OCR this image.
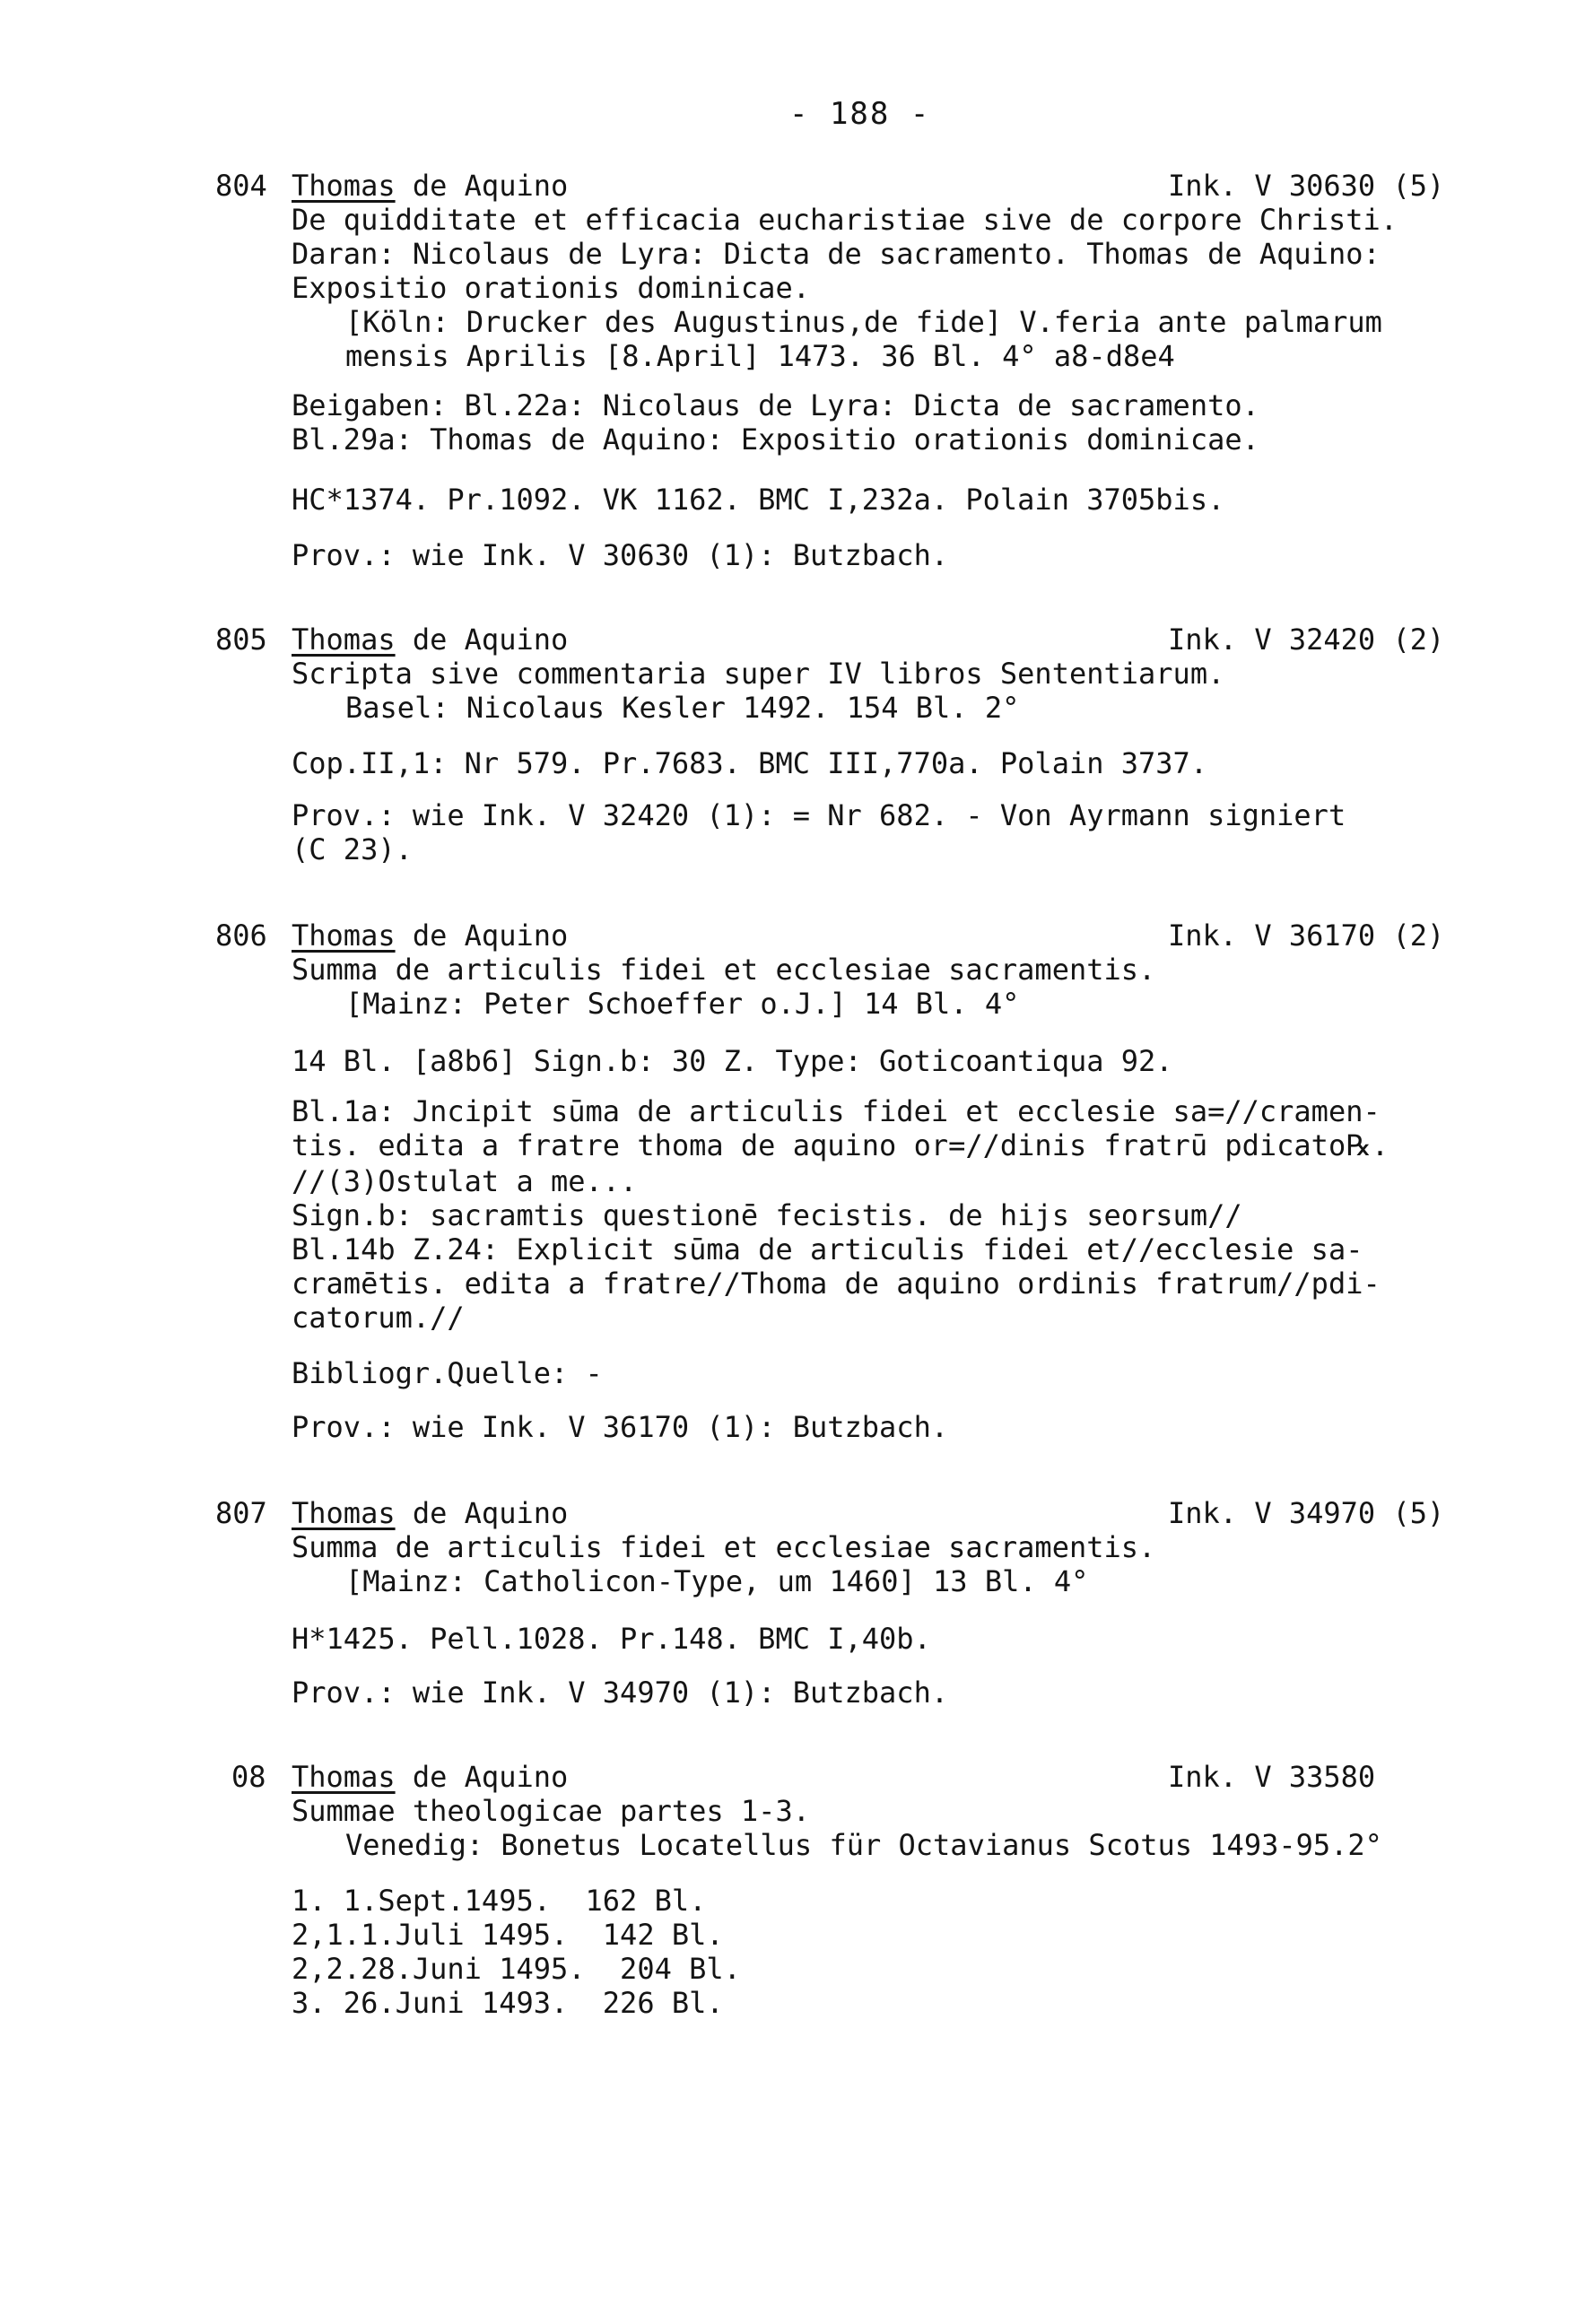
- 188 -
804 Thomas de Aquino	Ink. V 30630 (5)
De quidditate et efficacia eucharistiae sive de corpore Christi.
Daran: Nicolaus de Lyra: Dicta de sacramento. Thomas de Aquino:
Expositio orationis dominicae.
[Köln: Drucker des Augustinus,de fide] V.feria ante palmarum
mensis Aprilis [8.April] 1473. 36 Bl. 4° a8-d8e4
Beigaben: Bl.22a: Nicolaus de Lyra: Dicta de sacramento.
Bl.29a: Thomas de Aquino: Expositio orationis dominicae.
HC*1374. Pr.1092. VK 1162. BMC I,232a. Polain 3705bis.
Prov.: wie Ink. V 30630 (1): Butzbach.
805 Thomas de Aquino	Ink. V 32420 (2)
Scripta sive commentaria super IV libros Sententiarum.
Basel: Nicolaus Kesler 1492. 154 Bl. 2°
Cop.II,1: Nr 579. Pr.7683. BMC III,770a. Polain 3737.
Prov.: wie Ink. V 32420 (1): = Nr 682. - Von Ayrmann signiert
(C 23).
806 Thomas de Aquino	Ink. V 36170 (2)
Summa de articulis fidei et ecclesiae sacramentis.
[Mainz: Peter Schoeffer o.J.] 14 Bl. 4°
14 Bl. [a8b6] Sign.b: 30 Z. Type: Goticoantiqua 92.
Bl.1a: Jncipit sūma de articulis fidei et ecclesie sa=//cramen-
tis. edita a fratre thoma de aquino or=//dinis fratrū pdicato℞.
//(3)Ostulat a me...
Sign.b: sacramtis questionē fecistis. de hijs seorsum//
Bl.14b Z.24: Explicit sūma de articulis fidei et//ecclesie sa-
cramētis. edita a fratre//Thoma de aquino ordinis fratrum//pdi-
catorum.//
Bibliogr.Quelle: -
Prov.: wie Ink. V 36170 (1): Butzbach.
807 Thomas de Aquino	Ink. V 34970 (5)
Summa de articulis fidei et ecclesiae sacramentis.
[Mainz: Catholicon-Type, um 1460] 13 Bl. 4°
H*1425. Pell.1028. Pr.148. BMC I,40b.
Prov.: wie Ink. V 34970 (1): Butzbach.
08 Thomas de Aquino	Ink. V 33580
Summae theologicae partes 1-3.
Venedig: Bonetus Locatellus für Octavianus Scotus 1493-95.2°
1. 1.Sept.1495.  162 Bl.
2,1.1.Juli 1495.  142 Bl.
2,2.28.Juni 1495.  204 Bl.
3. 26.Juni 1493.  226 Bl.
